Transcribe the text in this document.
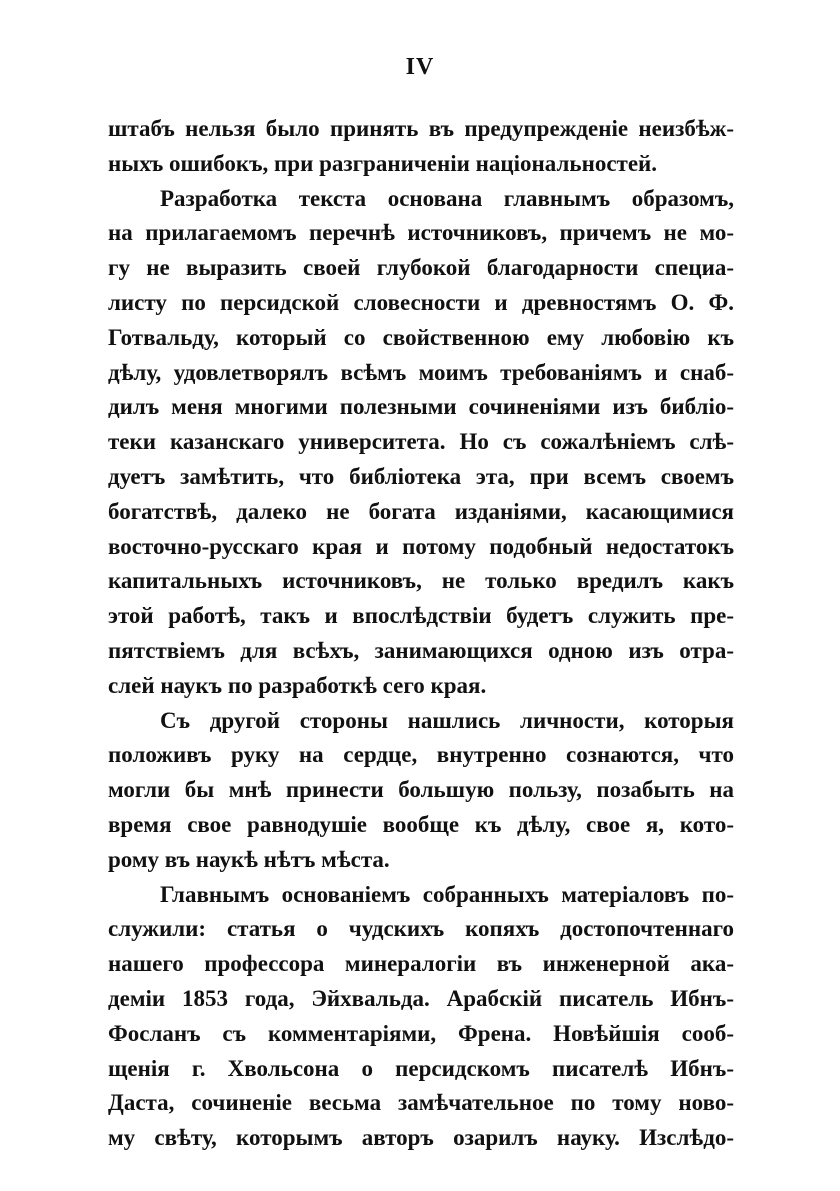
IV
штабъ нельзя было принять въ предупрежденіе неизбѣж-
ныхъ ошибокъ, при разграниченіи національностей.
Разработка текста основана главнымъ образомъ,
на прилагаемомъ перечнѣ источниковъ, причемъ не мо-
гу не выразить своей глубокой благодарности специа-
листу по персидской словесности и древностямъ О. Ф.
Готвальду, который со свойственною ему любовію къ
дѣлу, удовлетворялъ всѣмъ моимъ требованіямъ и снаб-
дилъ меня многими полезными сочиненіями изъ библіо-
теки казанскаго университета. Но съ сожалѣніемъ слѣ-
дуетъ замѣтить, что библіотека эта, при всемъ своемъ
богатствѣ, далеко не богата изданіями, касающимися
восточно-русскаго края и потому подобный недостатокъ
капитальныхъ источниковъ, не только вредилъ какъ
этой работѣ, такъ и впослѣдствіи будетъ служить пре-
пятствіемъ для всѣхъ, занимающихся одною изъ отра-
слей наукъ по разработкѣ сего края.
Съ другой стороны нашлись личности, которыя
положивъ руку на сердце, внутренно сознаются, что
могли бы мнѣ принести большую пользу, позабыть на
время свое равнодушіе вообще къ дѣлу, свое я, кото-
рому въ наукѣ нѣтъ мѣста.
Главнымъ основаніемъ собранныхъ матеріаловъ по-
служили: статья о чудскихъ копяхъ достопочтеннаго
нашего профессора минералогіи въ инженерной ака-
деміи 1853 года, Эйхвальда. Арабскій писатель Ибнъ-
Фосланъ съ комментаріями, Френа. Новѣйшія сооб-
щенія г. Хвольсона о персидскомъ писателѣ Ибнъ-
Даста, сочиненіе весьма замѣчательное по тому ново-
му свѣту, которымъ авторъ озарилъ науку. Изслѣдо-
